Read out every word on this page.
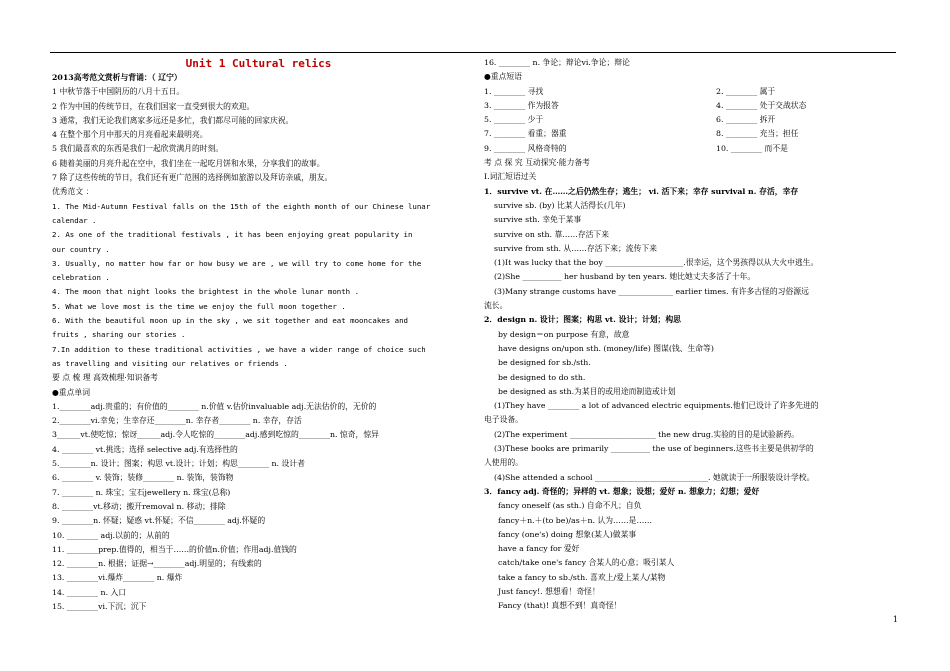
Unit 1 Cultural relics
2013高考范文赏析与背诵：（ 辽宁）
1 中秋节落于中国阴历的八月十五日。
2 作为中国的传统节日，在我们国家一直受到很大的欢迎。
3 通常，我们无论我们离家多远还是多忙，我们都尽可能的回家庆祝。
4 在整个那个月中那天的月亮看起来最明亮。
5 我们最喜欢的东西是我们一起欣赏满月的时刻。
6 随着美丽的月亮升起在空中，我们坐在一起吃月饼和水果，分享我们的故事。
7 除了这些传统的节日，我们还有更广范围的选择例如旅游以及拜访亲戚，朋友。
优秀范文 ：
1. The Mid-Autumn Festival falls on the 15th of the eighth month of our Chinese lunar
calendar .
2. As one of the traditional festivals , it has been enjoying great popularity in
our country .
3. Usually, no matter how far or how busy we are , we will try to come home for the
celebration .
4. The moon that night looks the brightest in the whole lunar month .
5. What we love most is the time we enjoy the full moon together .
6. With the beautiful moon up in the sky , we sit together and eat mooncakes and
fruits , sharing our stories .
7.In addition to these traditional activities , we have a wider range of choice such
as travelling and visiting our relatives or friends .
要 点 梳 理 高效梳理·知识备考
●重点单词
1.________adj.贵重的；有价值的________ n.价值 v.估价invaluable adj.无法估价的，无价的
2.________vi.幸免；生幸存还________n. 幸存者________ n. 幸存，存活
3______vt.使吃惊；惊讶______adj.令人吃惊的________adj.感到吃惊的________n. 惊奇，惊异
4. ________ vt.挑选；选择 selective adj.有选择性的
5.________n. 设计；图案；构思 vt.设计；计划；构思________ n. 设计者
6. ________ v. 装饰；装修________ n. 装饰，装饰物
7. ________ n. 珠宝；宝石jewellery n. 珠宝(总称)
8. ________vt.移动；搬开removal n. 移动；排除
9. ________n. 怀疑；疑惑 vt.怀疑；不信________ adj.怀疑的
10. ________ adj.以前的；从前的
11. ________prep.值得的，相当于……的价值n.价值；作用adj.值钱的
12. ________n. 根据；证据→________adj.明显的；有线索的
13. ________vi.爆炸________ n. 爆炸
14. ________ n. 入口
15. ________vi.下沉；沉下
16. ________ n. 争论；辩论vi.争论；辩论
●重点短语
1. ________ 寻找	2. ________ 属于
3. ________ 作为报答	4. ________ 处于交战状态
5. ________ 少于	6. ________ 拆开
7. ________ 看重；器重	8. ________ 充当；担任
9. ________ 风格奇特的	10. ________ 而不是
考 点 探 究 互动探究·能力备考
Ⅰ.词汇短语过关
1．survive vt. 在……之后仍然生存；逃生； vi. 活下来；幸存 survival n. 存活，幸存
survive sb. (by) 比某人活得长(几年)
survive sth. 幸免于某事
survive on sth. 靠……存活下来
survive from sth. 从……存活下来；流传下来
(1)It was lucky that the boy ____________________.很幸运，这个男孩得以从大火中逃生。
(2)She __________ her husband by ten years. 她比她丈夫多活了十年。
(3)Many strange customs have ______________ earlier times. 有许多古怪的习俗源远
流长。
2．design n. 设计；图案；构思 vt. 设计；计划；构思
by design＝on purpose 有意，故意
have designs on/upon sth. (money/life) 图谋(钱、生命等)
be designed for sb./sth.
be designed to do sth.
be designed as sth.为某目的或用途而制造或计划
(1)They have ________ a lot of advanced electric equipments.他们已设计了许多先进的
电子设备。
(2)The experiment ______________________ the new drug.实验的目的是试验新药。
(3)These books are primarily __________ the use of beginners.这些书主要是供初学的
人使用的。
(4)She attended a school _____________________________. 她就读于一所服装设计学校。
3．fancy adj. 奇怪的；异样的 vt. 想象；设想；爱好 n. 想象力；幻想；爱好
fancy oneself (as sth.) 自命不凡；自负
fancy＋n.＋(to be)/as＋n. 认为……是……
fancy (one's) doing 想象(某人)做某事
have a fancy for 爱好
catch/take one's fancy 合某人的心意；吸引某人
take a fancy to sb./sth. 喜欢上/爱上某人/某物
Just fancy!. 想想看！奇怪！
Fancy (that)! 真想不到！真奇怪！
1
